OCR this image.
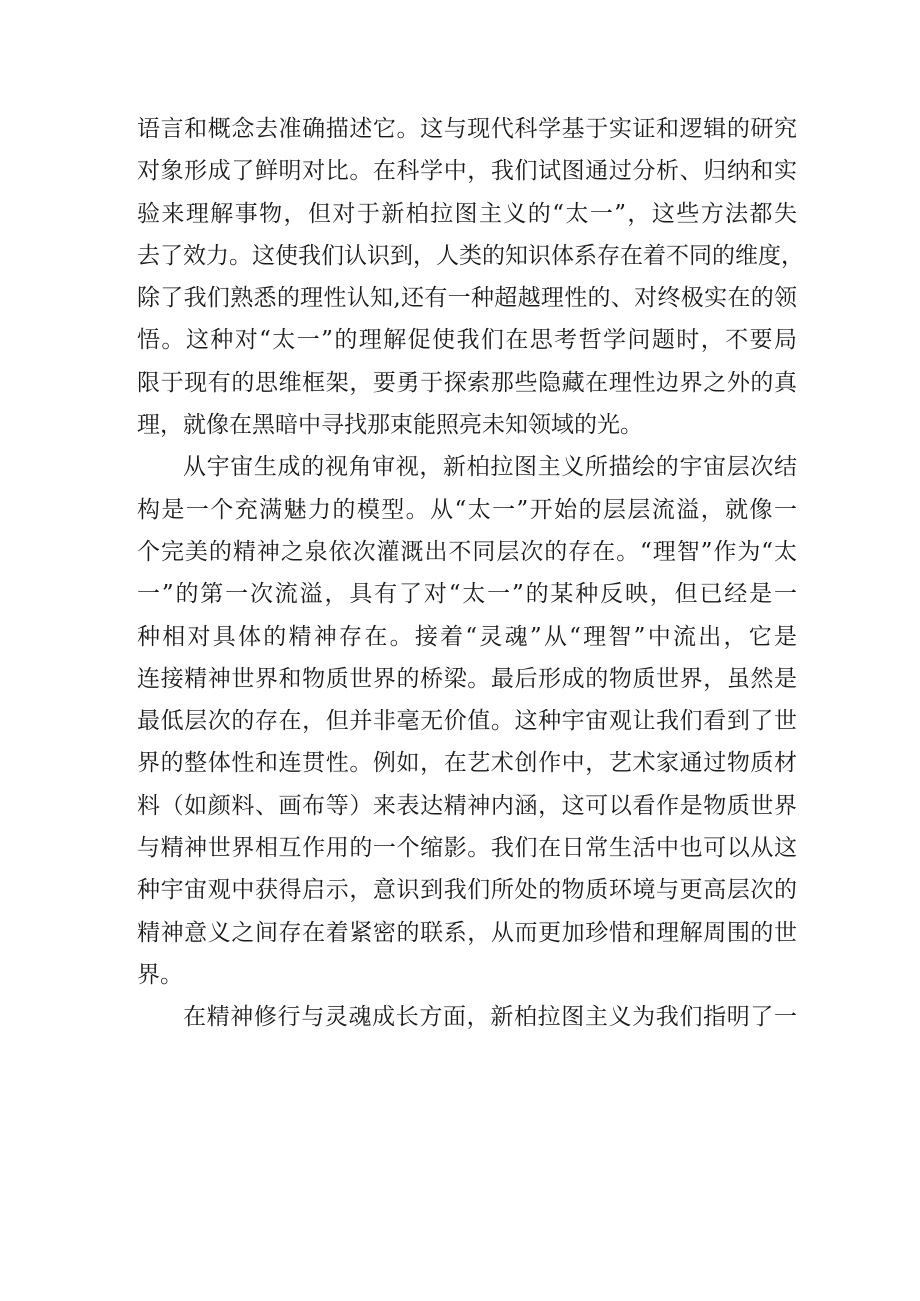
语言和概念去准确描述它。这与现代科学基于实证和逻辑的研究
对象形成了鲜明对比。在科学中，我们试图通过分析、归纳和实
验来理解事物，但对于新柏拉图主义的“太一”，这些方法都失
去了效力。这使我们认识到，人类的知识体系存在着不同的维度，
除了我们熟悉的理性认知,还有一种超越理性的、对终极实在的领
悟。这种对“太一”的理解促使我们在思考哲学问题时，不要局
限于现有的思维框架，要勇于探索那些隐藏在理性边界之外的真
理，就像在黑暗中寻找那束能照亮未知领域的光。
从宇宙生成的视角审视，新柏拉图主义所描绘的宇宙层次结
构是一个充满魅力的模型。从“太一”开始的层层流溢，就像一
个完美的精神之泉依次灌溉出不同层次的存在。“理智”作为“太
一”的第一次流溢，具有了对“太一”的某种反映，但已经是一
种相对具体的精神存在。接着“灵魂”从“理智”中流出，它是
连接精神世界和物质世界的桥梁。最后形成的物质世界，虽然是
最低层次的存在，但并非毫无价值。这种宇宙观让我们看到了世
界的整体性和连贯性。例如，在艺术创作中，艺术家通过物质材
料（如颜料、画布等）来表达精神内涵，这可以看作是物质世界
与精神世界相互作用的一个缩影。我们在日常生活中也可以从这
种宇宙观中获得启示，意识到我们所处的物质环境与更高层次的
精神意义之间存在着紧密的联系，从而更加珍惜和理解周围的世
界。
在精神修行与灵魂成长方面，新柏拉图主义为我们指明了一
